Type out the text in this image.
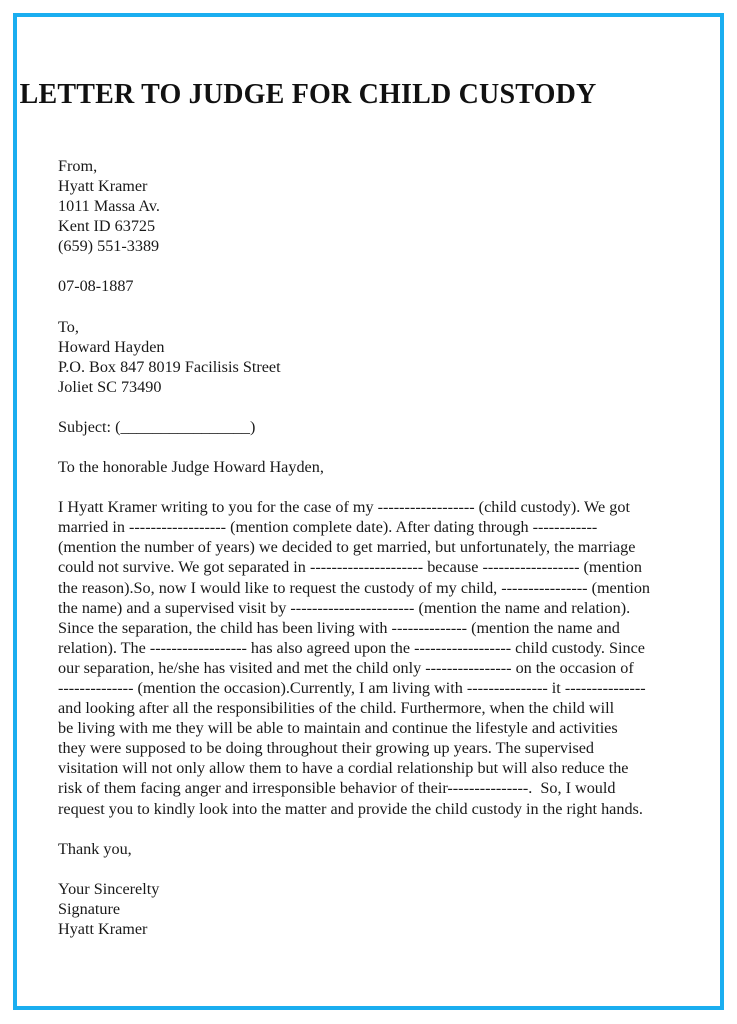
LETTER TO JUDGE FOR CHILD CUSTODY
From,
Hyatt Kramer
1011 Massa Av.
Kent ID 63725
(659) 551-3389
07-08-1887
To,
Howard Hayden
P.O. Box 847 8019 Facilisis Street
Joliet SC 73490
Subject: (________________)
To the honorable Judge Howard Hayden,
I Hyatt Kramer writing to you for the case of my ------------------ (child custody). We got
married in ------------------ (mention complete date). After dating through ------------
(mention the number of years) we decided to get married, but unfortunately, the marriage
could not survive. We got separated in --------------------- because ------------------ (mention
the reason).So, now I would like to request the custody of my child, ---------------- (mention
the name) and a supervised visit by ----------------------- (mention the name and relation).
Since the separation, the child has been living with -------------- (mention the name and
relation). The ------------------ has also agreed upon the ------------------ child custody. Since
our separation, he/she has visited and met the child only ---------------- on the occasion of
-------------- (mention the occasion).Currently, I am living with --------------- it ---------------
and looking after all the responsibilities of the child. Furthermore, when the child will
be living with me they will be able to maintain and continue the lifestyle and activities
they were supposed to be doing throughout their growing up years. The supervised
visitation will not only allow them to have a cordial relationship but will also reduce the
risk of them facing anger and irresponsible behavior of their---------------.  So, I would
request you to kindly look into the matter and provide the child custody in the right hands.
Thank you,
Your Sincerelty
Signature
Hyatt Kramer
